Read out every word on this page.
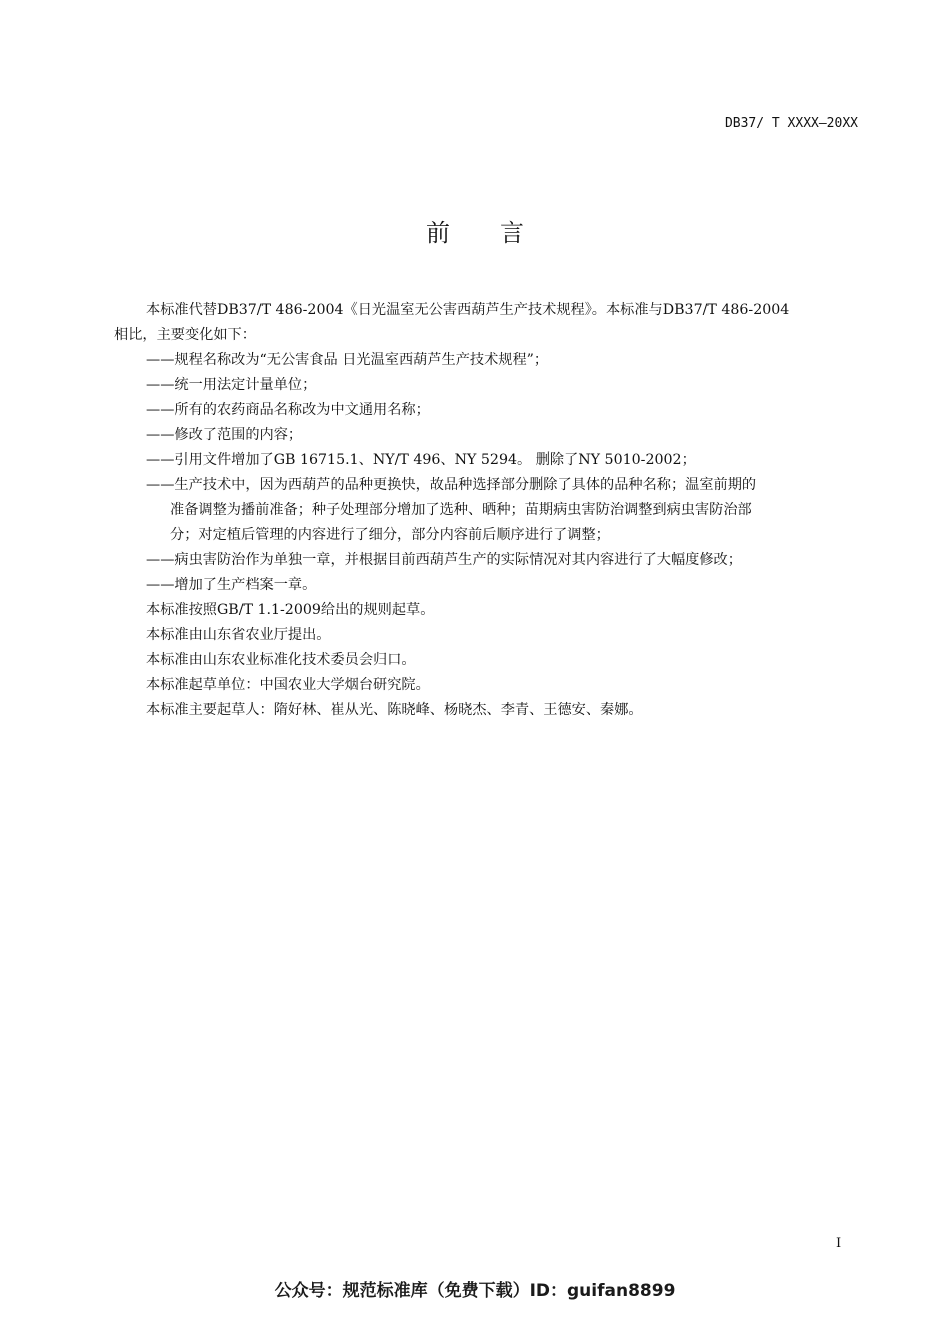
DB37/ T XXXX—20XX
前言
本标准代替DB37/T 486-2004《日光温室无公害西葫芦生产技术规程》。本标准与DB37/T 486-2004
相比，主要变化如下：
——规程名称改为“无公害食品 日光温室西葫芦生产技术规程”；
——统一用法定计量单位；
——所有的农药商品名称改为中文通用名称；
——修改了范围的内容；
——引用文件增加了GB 16715.1、NY/T 496、NY 5294。 删除了NY 5010-2002；
——生产技术中，因为西葫芦的品种更换快，故品种选择部分删除了具体的品种名称；温室前期的
准备调整为播前准备；种子处理部分增加了选种、晒种；苗期病虫害防治调整到病虫害防治部
分；对定植后管理的内容进行了细分，部分内容前后顺序进行了调整；
——病虫害防治作为单独一章，并根据目前西葫芦生产的实际情况对其内容进行了大幅度修改；
——增加了生产档案一章。
本标准按照GB/T 1.1-2009给出的规则起草。
本标准由山东省农业厅提出。
本标准由山东农业标准化技术委员会归口。
本标准起草单位：中国农业大学烟台研究院。
本标准主要起草人：隋好林、崔从光、陈晓峰、杨晓杰、李青、王德安、秦娜。
I
公众号：规范标准库（免费下载）ID：guifan8899
